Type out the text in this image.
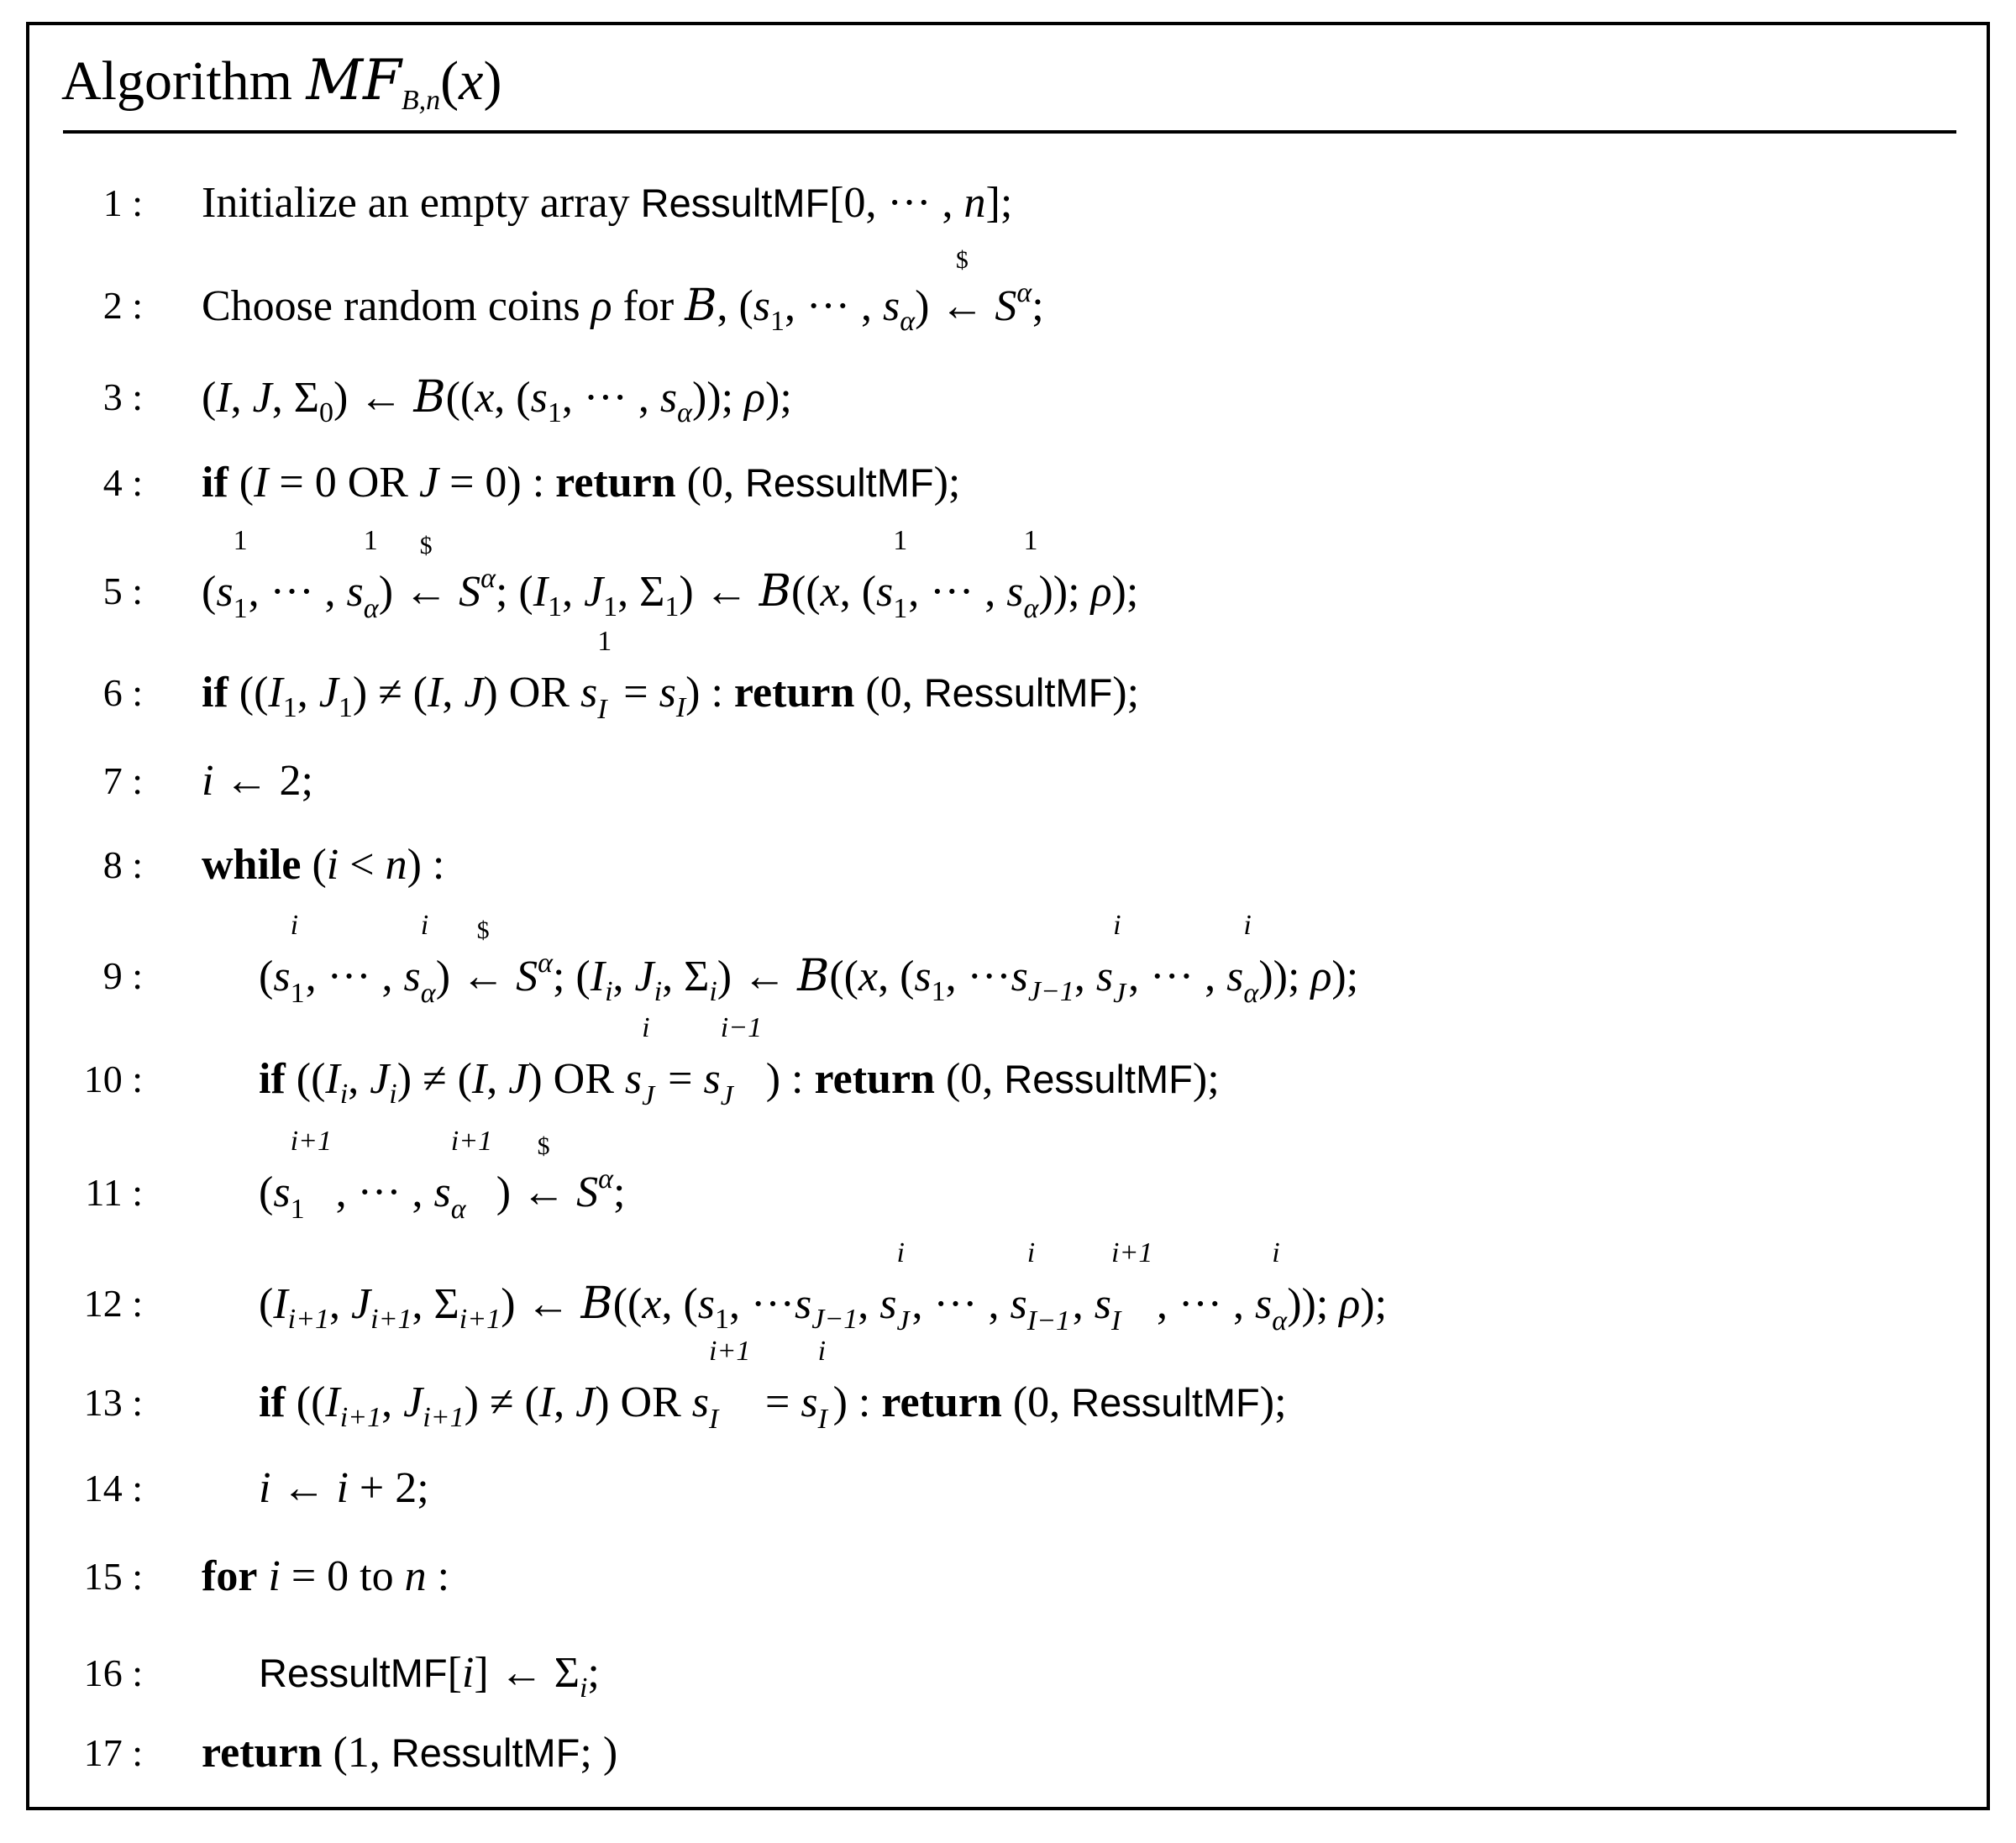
Algorithm $MF_{B,n}(x)$
1 : Initialize an empty array RessultMF[0, ··· , n];
2 : Choose random coins ρ for B, ($s_1$, ··· , $s_\alpha$)
$
← $S^\alpha$;
3 : (I, J, $\Sigma_0$) ← B((x, ($s_1$, ··· , $s_\alpha$)); ρ);
4 : if (I = 0 OR J = 0) : return (0, RessultMF);
5 : (s
1
1, ··· , s
1
α)
$
← $S^\alpha$; ($I_1$, $J_1$, $\Sigma_1$) ← B((x, (s
1
1, ··· , s
1
α)); ρ);
6 : if (($I_1$, $J_1) \ne (I$, J) OR s
1
$I = s_I$) : return (0, RessultMF);
7 : i ← 2;
8 : while (i < n) :
9 :	(s
i
1, ··· , s
i
α)
$
← $S^\alpha$; ($I_i$, $J_i$, $\Sigma_i$) ← B((x, ($s_1$, $\cdot\cdot\cdot s_{J-1}$, s
i
J, ··· , s
i
α)); ρ);
10 :	if (($I_i$, $J_i) \ne (I$, J) OR s
i
J = s
i−1
J ) : return (0, RessultMF);
11 :	(s
i+1
1 , ··· , s
i+1
α )
$
← $S^\alpha$;
12 :	($I_{i+1}$, $J_{i+1}$, $\Sigma_{i+1}$) ← B((x, ($s_1$, $\cdot\cdot\cdot s_{J-1}$, s
i
J, ··· , s
i
I−1, s
i+1
I , ··· , s
i
α)); ρ);
13 :	if (($I_{i+1}$, $J_{i+1}) \ne (I$, J) OR s
i+1
I = s
i
I ) : return (0, RessultMF);
14 :	i ← i + 2;
15 : for i = 0 to n :
16 :	RessultMF[i] ← $\Sigma_i$;
17 : return (1, RessultMF; )
